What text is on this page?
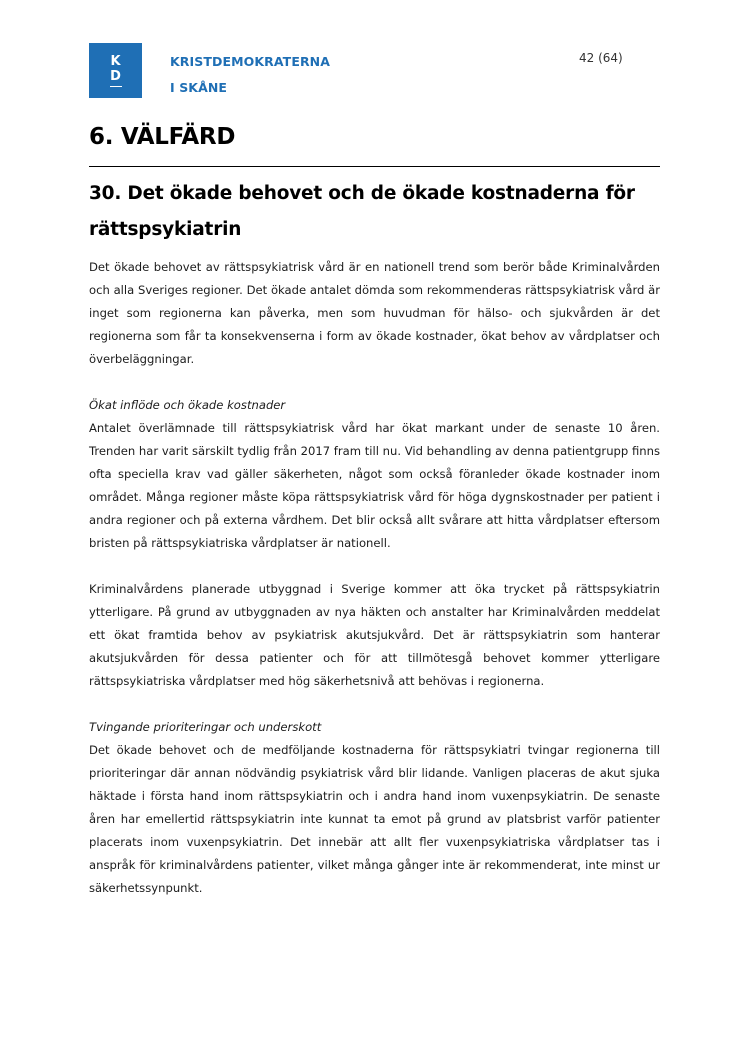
K
D
KRISTDEMOKRATERNA
I SKÅNE
42 (64)
6. VÄLFÄRD
30. Det ökade behovet och de ökade kostnaderna för rättspsykiatrin

Det ökade behovet av rättspsykiatrisk vård är en nationell trend som berör både Kriminalvården och alla Sveriges regioner. Det ökade antalet dömda som rekommenderas rättspsykiatrisk vård är inget som regionerna kan påverka, men som huvudman för hälso- och sjukvården är det regionerna som får ta konsekvenserna i form av ökade kostnader, ökat behov av vårdplatser och överbeläggningar.

Ökat inflöde och ökade kostnader

Antalet överlämnade till rättspsykiatrisk vård har ökat markant under de senaste 10 åren. Trenden har varit särskilt tydlig från 2017 fram till nu. Vid behandling av denna patientgrupp finns ofta speciella krav vad gäller säkerheten, något som också föranleder ökade kostnader inom området. Många regioner måste köpa rättspsykiatrisk vård för höga dygnskostnader per patient i andra regioner och på externa vårdhem. Det blir också allt svårare att hitta vårdplatser eftersom bristen på rättspsykiatriska vårdplatser är nationell.

Kriminalvårdens planerade utbyggnad i Sverige kommer att öka trycket på rättspsykiatrin ytterligare. På grund av utbyggnaden av nya häkten och anstalter har Kriminalvården meddelat ett ökat framtida behov av psykiatrisk akutsjukvård. Det är rättspsykiatrin som hanterar akutsjukvården för dessa patienter och för att tillmötesgå behovet kommer ytterligare rättspsykiatriska vårdplatser med hög säkerhetsnivå att behövas i regionerna.

Tvingande prioriteringar och underskott

Det ökade behovet och de medföljande kostnaderna för rättspsykiatri tvingar regionerna till prioriteringar där annan nödvändig psykiatrisk vård blir lidande. Vanligen placeras de akut sjuka häktade i första hand inom rättspsykiatrin och i andra hand inom vuxenpsykiatrin. De senaste åren har emellertid rättspsykiatrin inte kunnat ta emot på grund av platsbrist varför patienter placerats inom vuxenpsykiatrin. Det innebär att allt fler vuxenpsykiatriska vårdplatser tas i anspråk för kriminalvårdens patienter, vilket många gånger inte är rekommenderat, inte minst ur säkerhetssynpunkt.
